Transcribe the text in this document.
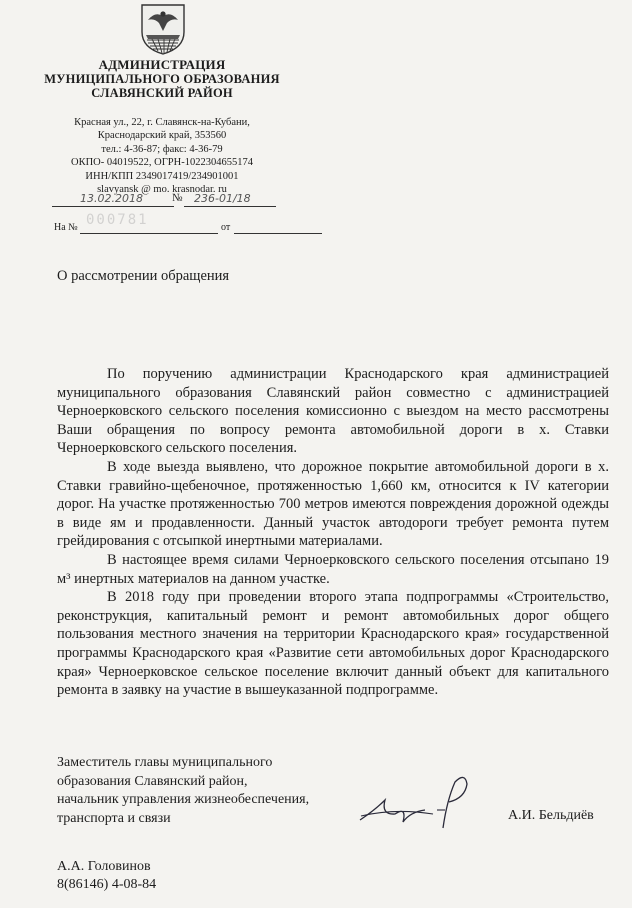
АДМИНИСТРАЦИЯ
МУНИЦИПАЛЬНОГО ОБРАЗОВАНИЯ
СЛАВЯНСКИЙ РАЙОН
Красная ул., 22, г. Славянск-на-Кубани,
Краснодарский край, 353560
тел.: 4-36-87; факс: 4-36-79
ОКПО- 04019522, ОГРН-1022304655174
ИНН/КПП 2349017419/234901001
slavyansk @ mo. krasnodar. ru
13.02.2018	№ 236-01/18
000781
На №	от
О рассмотрении обращения

По поручению администрации Краснодарского края администрацией муниципального образования Славянский район совместно с администрацией Черноерковского сельского поселения комиссионно с выездом на место рассмотрены Ваши обращения по вопросу ремонта автомобильной дороги в х. Ставки Черноерковского сельского поселения.

В ходе выезда выявлено, что дорожное покрытие автомобильной дороги в х. Ставки гравийно-щебеночное, протяженностью 1,660 км, относится к IV категории дорог. На участке протяженностью 700 метров имеются повреждения дорожной одежды в виде ям и продавленности. Данный участок автодороги требует ремонта путем грейдирования с отсыпкой инертными материалами.

В настоящее время силами Черноерковского сельского поселения отсыпано 19 м³ инертных материалов на данном участке.

В 2018 году при проведении второго этапа подпрограммы «Строительство, реконструкция, капитальный ремонт и ремонт автомобильных дорог общего пользования местного значения на территории Краснодарского края» государственной программы Краснодарского края «Развитие сети автомобильных дорог Краснодарского края» Черноерковское сельское поселение включит данный объект для капитального ремонта в заявку на участие в вышеуказанной подпрограмме.

Заместитель главы муниципального
образования Славянский район,
начальник управления жизнеобеспечения,
транспорта и связи	А.И. Бельдиёв
А.А. Головинов
8(86146) 4-08-84
